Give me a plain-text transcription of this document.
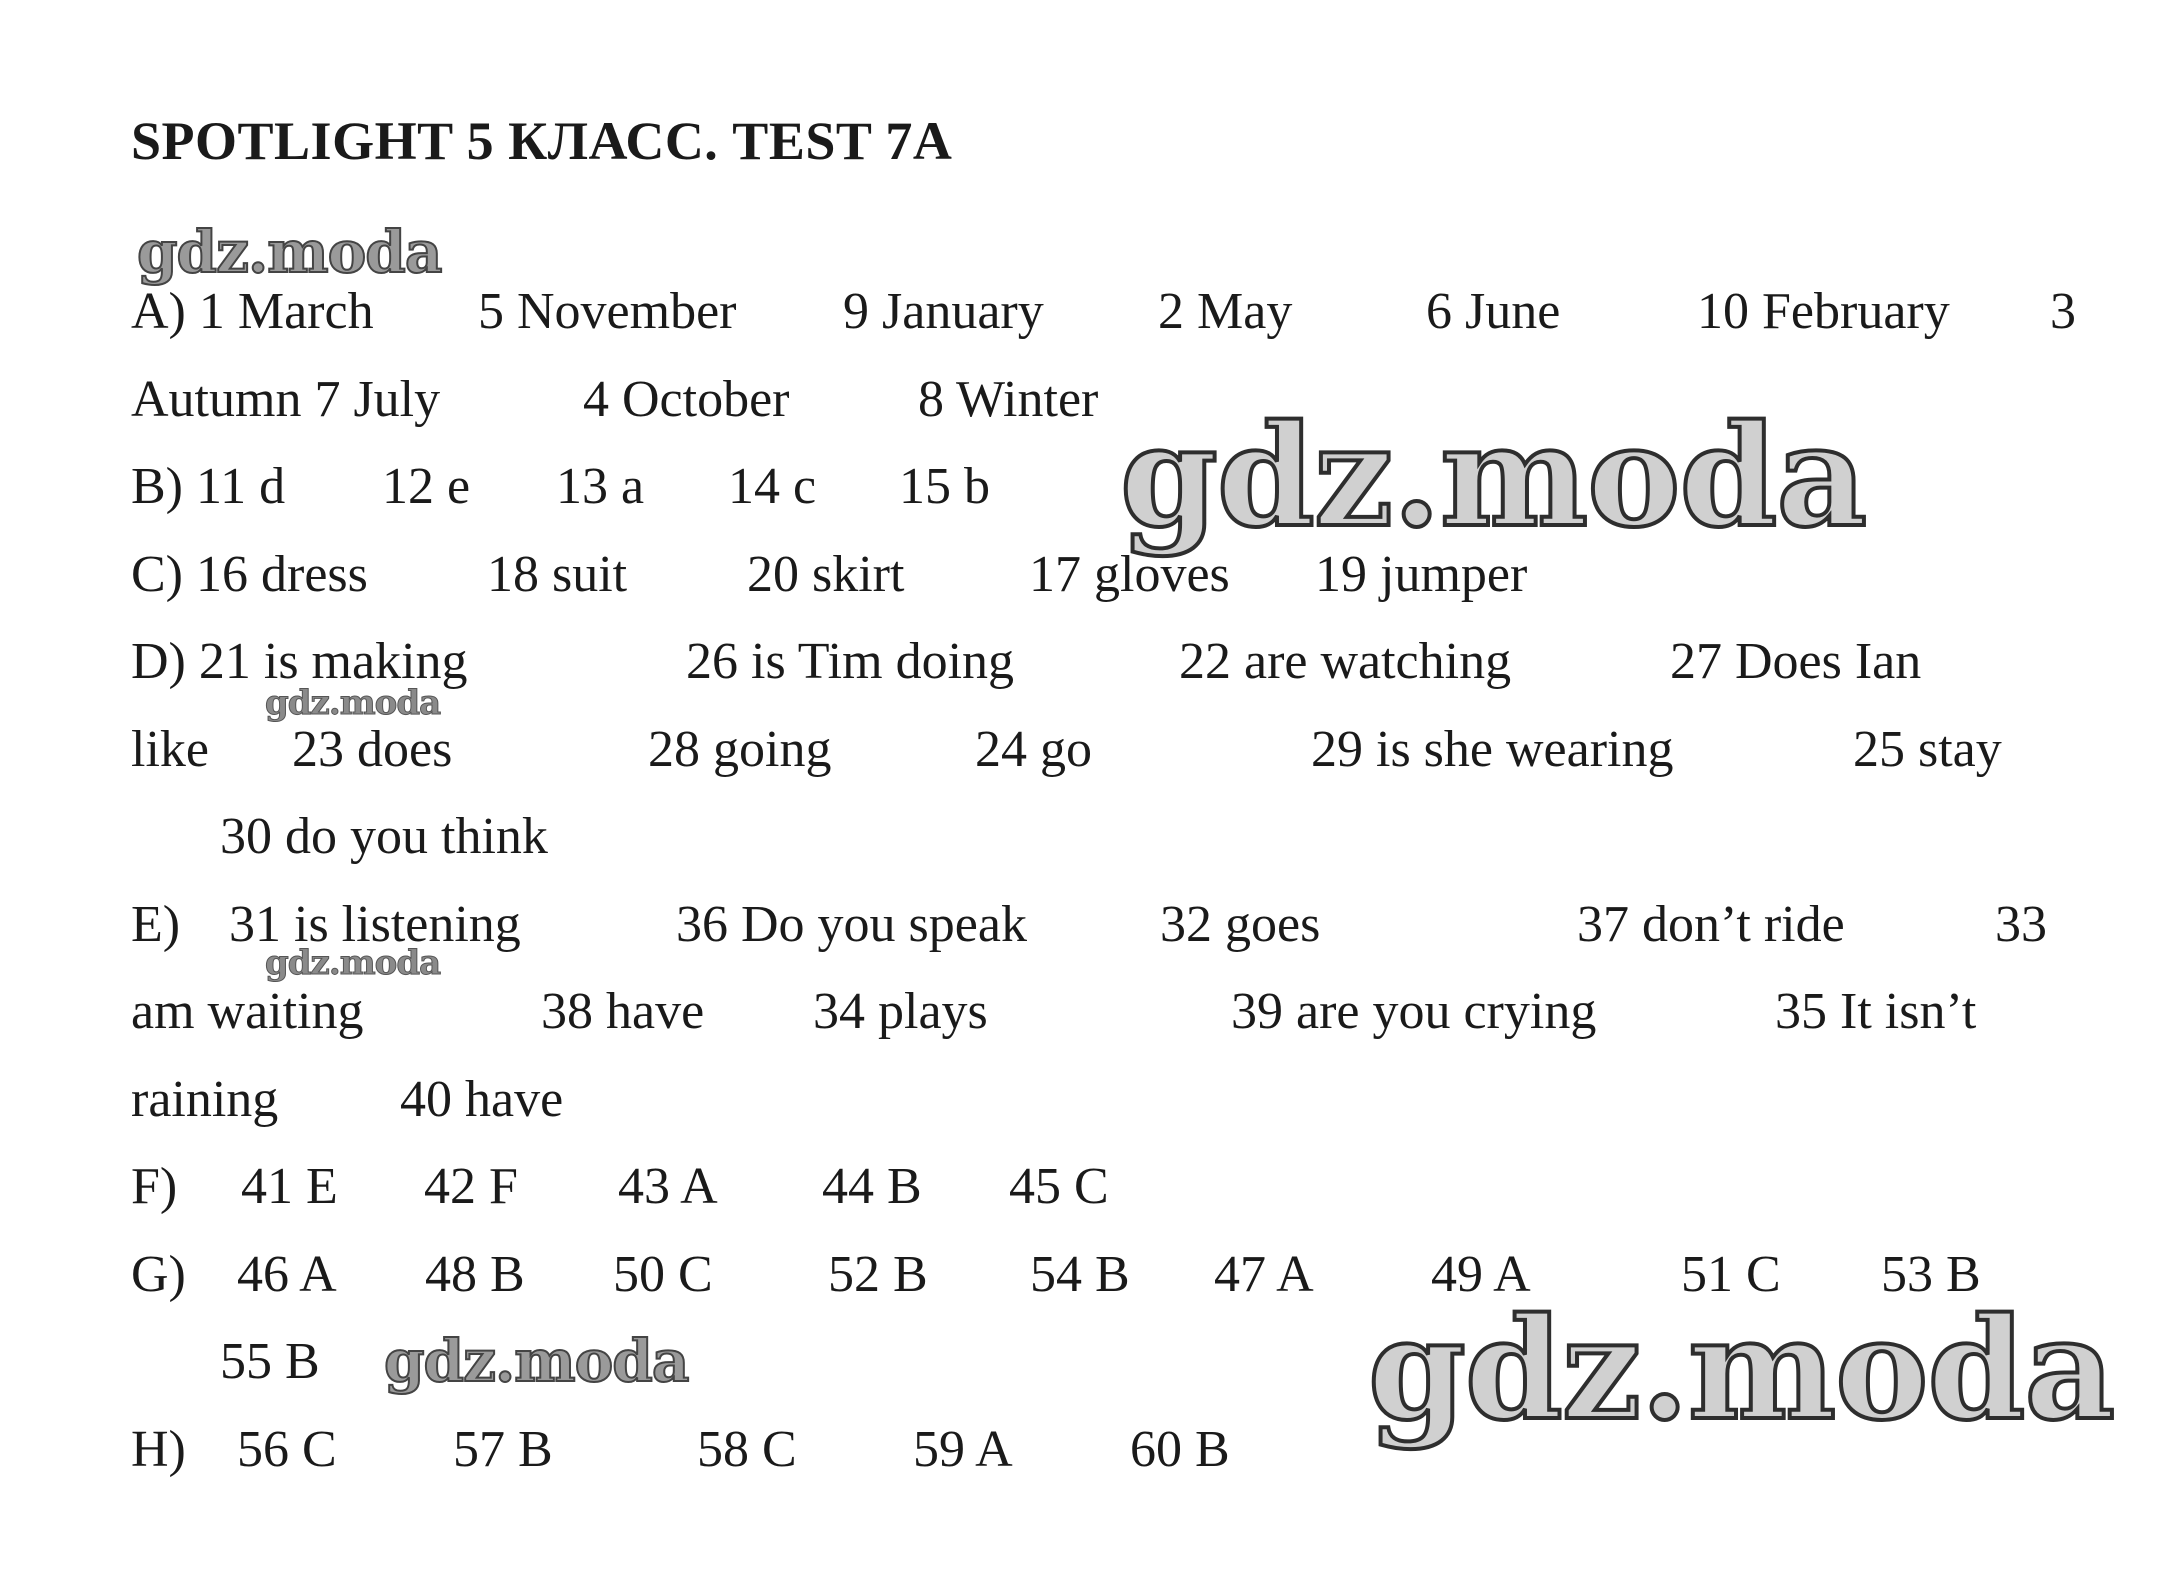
SPOTLIGHT 5 КЛАСС. TEST 7A
gdz.moda
gdz.moda
gdz.moda
gdz.moda
gdz.moda	gdz.moda
A) 1 March 5 November 9 January 2 May	6 June	10 February 3
Autumn 7 July	4 October 8 Winter
B) 11 d 12 e 13 a 14 c 15 b
C) 16 dress 18 suit 20 skirt 17 gloves 19 jumper
D) 21 is making	26 is Tim doing	22 are watching	27 Does Ian
like 23 does	28 going	24 go	29 is she wearing	25 stay
30 do you think
E) 31 is listening	36 Do you speak	32 goes	37 don’t ride	33
am waiting	38 have 34 plays	39 are you crying	35 It isn’t
raining 40 have
F) 41 E 42 F 43 A 44 B 45 C
G) 46 A 48 B 50 C 52 B 54 B 47 A 49 A	51 C 53 B
55 B
H) 56 C 57 B	58 C 59 A 60 B
